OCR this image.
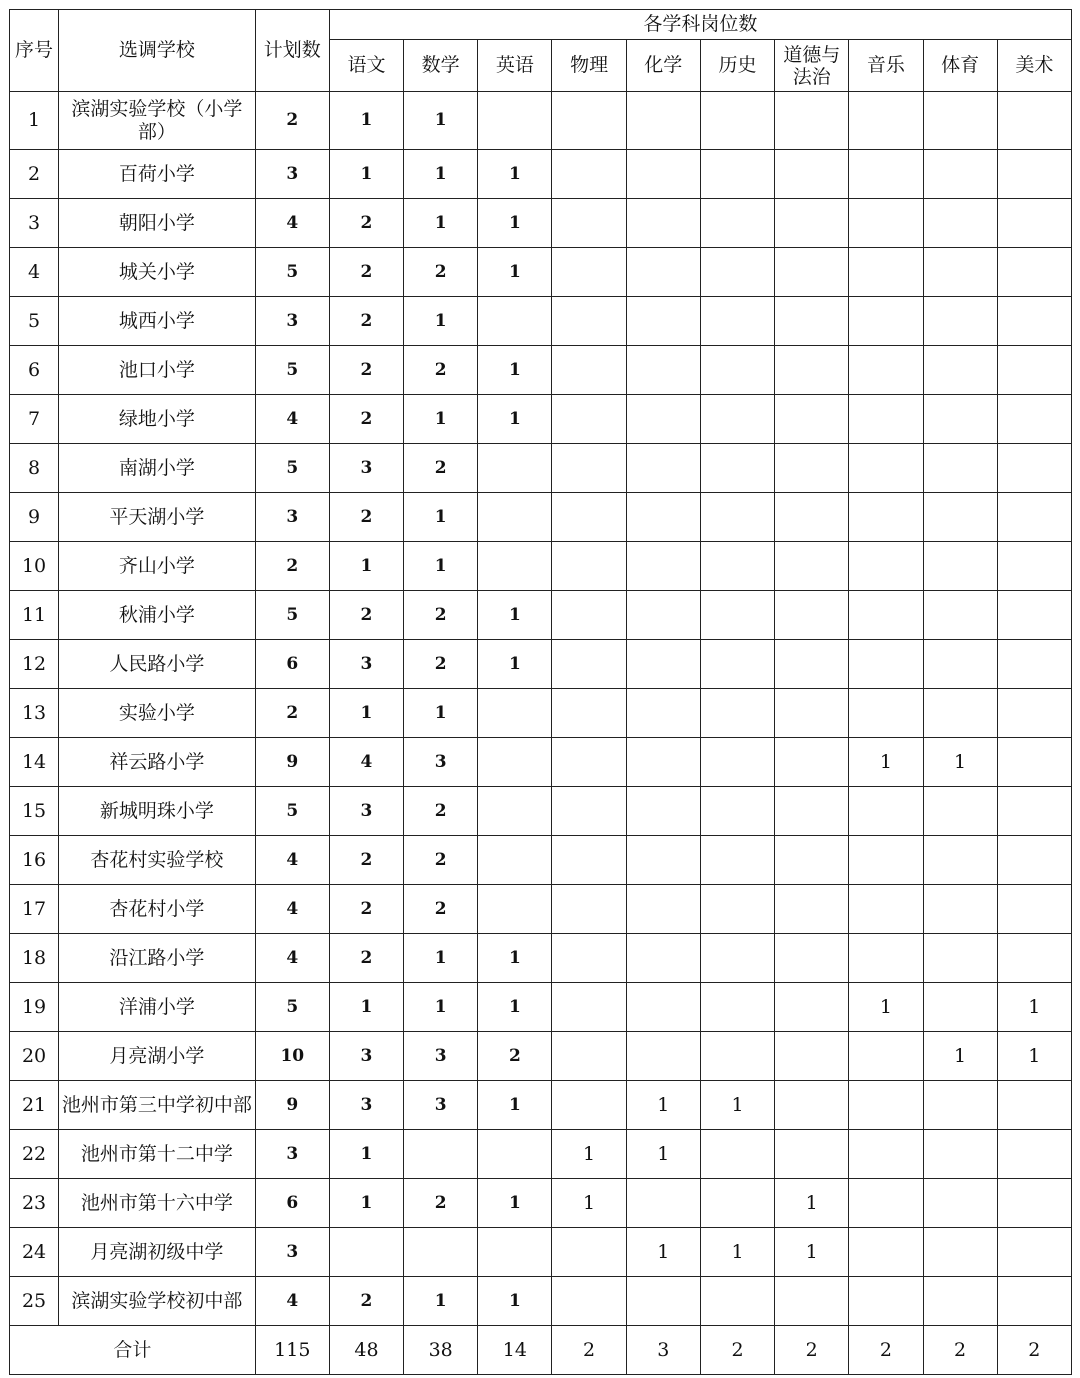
序号	选调学校	计划数	各学科岗位数									
			语文	数学	英语	物理	化学	历史	道德与法治	音乐	体育	美术
1	滨湖实验学校（小学部）	2	1	1								
2	百荷小学	3	1	1	1							
3	朝阳小学	4	2	1	1							
4	城关小学	5	2	2	1							
5	城西小学	3	2	1								
6	池口小学	5	2	2	1							
7	绿地小学	4	2	1	1							
8	南湖小学	5	3	2								
9	平天湖小学	3	2	1								
10	齐山小学	2	1	1								
11	秋浦小学	5	2	2	1							
12	人民路小学	6	3	2	1							
13	实验小学	2	1	1								
14	祥云路小学	9	4	3						1	1	
15	新城明珠小学	5	3	2								
16	杏花村实验学校	4	2	2								
17	杏花村小学	4	2	2								
18	沿江路小学	4	2	1	1							
19	洋浦小学	5	1	1	1					1		1
20	月亮湖小学	10	3	3	2						1	1
21	池州市第三中学初中部	9	3	3	1		1	1				
22	池州市第十二中学	3	1			1	1					
23	池州市第十六中学	6	1	2	1	1			1			
24	月亮湖初级中学	3					1	1	1			
25	滨湖实验学校初中部	4	2	1	1							
合计		115	48	38	14	2	3	2	2	2	2	2
